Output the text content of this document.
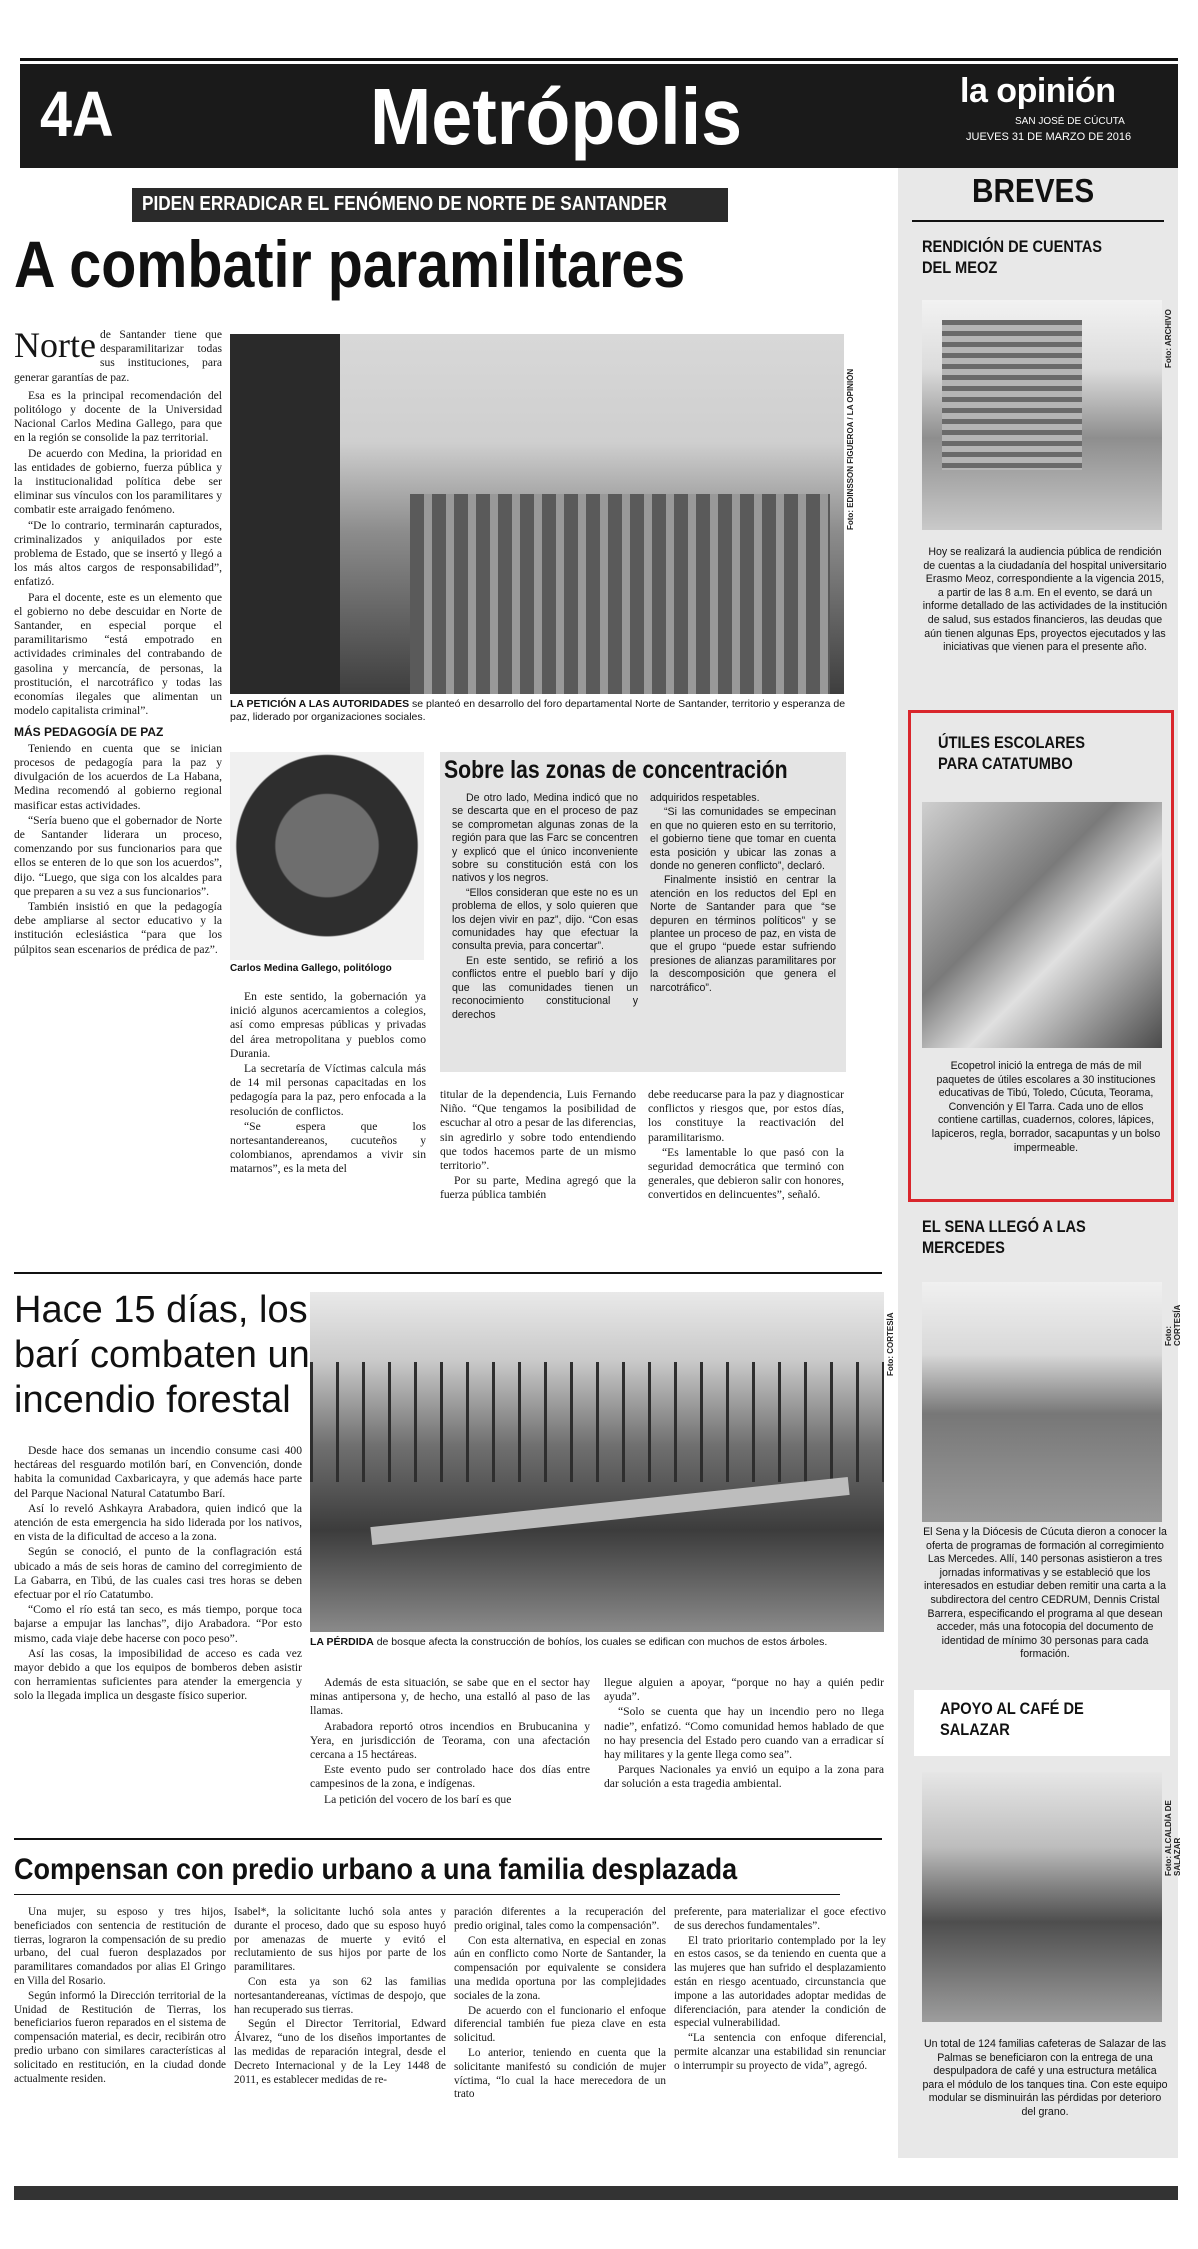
4A	Metrópolis	la opinión
SAN JOSÉ DE CÚCUTA
JUEVES 31 DE MARZO DE 2016
BREVES
PIDEN ERRADICAR EL FENÓMENO DE NORTE DE SANTANDER
A combatir paramilitares
Norte de Santander tiene que desparamilitarizar todas sus instituciones, para generar garantías de paz.

Esa es la principal recomendación del politólogo y docente de la Universidad Nacional Carlos Medina Gallego, para que en la región se consolide la paz territorial.

De acuerdo con Medina, la prioridad en las entidades de gobierno, fuerza pública y la institucionalidad política debe ser eliminar sus vínculos con los paramilitares y combatir este arraigado fenómeno.

“De lo contrario, terminarán capturados, criminalizados y aniquilados por este problema de Estado, que se insertó y llegó a los más altos cargos de responsabilidad”, enfatizó.

Para el docente, este es un elemento que el gobierno no debe descuidar en Norte de Santander, en especial porque el paramilitarismo “está empotrado en actividades criminales del contrabando de gasolina y mercancía, de personas, la prostitución, el narcotráfico y todas las economías ilegales que alimentan un modelo capitalista criminal”.

MÁS PEDAGOGÍA DE PAZ

Teniendo en cuenta que se inician procesos de pedagogía para la paz y divulgación de los acuerdos de La Habana, Medina recomendó al gobierno regional masificar estas actividades.

“Sería bueno que el gobernador de Norte de Santander liderara un proceso, comenzando por sus funcionarios para que ellos se enteren de lo que son los acuerdos”, dijo. “Luego, que siga con los alcaldes para que preparen a su vez a sus funcionarios”.

También insistió en que la pedagogía debe ampliarse al sector educativo y la institución eclesiástica “para que los púlpitos sean escenarios de prédica de paz”.

Foto: EDINSSON FIGUEROA / LA OPINIÓN
LA PETICIÓN A LAS AUTORIDADES se planteó en desarrollo del foro departamental Norte de Santander, territorio y esperanza de paz, liderado por organizaciones sociales.
Carlos Medina Gallego, politólogo
Sobre las zonas de concentración

De otro lado, Medina indicó que no se descarta que en el proceso de paz se comprometan algunas zonas de la región para que las Farc se concentren y explicó que el único inconveniente sobre su constitución está con los nativos y los negros.

“Ellos consideran que este no es un problema de ellos, y solo quieren que los dejen vivir en paz”, dijo. “Con esas comunidades hay que efectuar la consulta previa, para concertar”.

En este sentido, se refirió a los conflictos entre el pueblo barí y dijo que las comunidades tienen un reconocimiento constitucional y derechos

adquiridos respetables.

“Si las comunidades se empecinan en que no quieren esto en su territorio, el gobierno tiene que tomar en cuenta esta posición y ubicar las zonas a donde no generen conflicto”, declaró.

Finalmente insistió en centrar la atención en los reductos del Epl en Norte de Santander para que “se depuren en términos políticos” y se plantee un proceso de paz, en vista de que el grupo “puede estar sufriendo presiones de alianzas paramilitares por la descomposición que genera el narcotráfico”.

En este sentido, la gobernación ya inició algunos acercamientos a colegios, así como empresas públicas y privadas del área metropolitana y pueblos como Durania.

La secretaría de Víctimas calcula más de 14 mil personas capacitadas en los pedagogía para la paz, pero enfocada a la resolución de conflictos.

“Se espera que los nortesantandereanos, cucuteños y colombianos, aprendamos a vivir sin matarnos”, es la meta del

titular de la dependencia, Luis Fernando Niño. “Que tengamos la posibilidad de escuchar al otro a pesar de las diferencias, sin agredirlo y sobre todo entendiendo que todos hacemos parte de un mismo territorio”.

Por su parte, Medina agregó que la fuerza pública también

debe reeducarse para la paz y diagnosticar conflictos y riesgos que, por estos días, los constituye la reactivación del paramilitarismo.

“Es lamentable lo que pasó con la seguridad democrática que terminó con generales, que debieron salir con honores, convertidos en delincuentes”, señaló.

Hace 15 días, los barí combaten un incendio forestal
Foto: CORTESÍA
LA PÉRDIDA de bosque afecta la construcción de bohíos, los cuales se edifican con muchos de estos árboles.

Desde hace dos semanas un incendio consume casi 400 hectáreas del resguardo motilón barí, en Convención, donde habita la comunidad Caxbaricayra, y que además hace parte del Parque Nacional Natural Catatumbo Barí.

Así lo reveló Ashkayra Arabadora, quien indicó que la atención de esta emergencia ha sido liderada por los nativos, en vista de la dificultad de acceso a la zona.

Según se conoció, el punto de la conflagración está ubicado a más de seis horas de camino del corregimiento de La Gabarra, en Tibú, de las cuales casi tres horas se deben efectuar por el río Catatumbo.

“Como el río está tan seco, es más tiempo, porque toca bajarse a empujar las lanchas”, dijo Arabadora. “Por esto mismo, cada viaje debe hacerse con poco peso”.

Así las cosas, la imposibilidad de acceso es cada vez mayor debido a que los equipos de bomberos deben asistir con herramientas suficientes para atender la emergencia y solo la llegada implica un desgaste físico superior.

Además de esta situación, se sabe que en el sector hay minas antipersona y, de hecho, una estalló al paso de las llamas.

Arabadora reportó otros incendios en Brubucanina y Yera, en jurisdicción de Teorama, con una afectación cercana a 15 hectáreas.

Este evento pudo ser controlado hace dos días entre campesinos de la zona, e indígenas.

La petición del vocero de los barí es que

llegue alguien a apoyar, “porque no hay a quién pedir ayuda”.

“Solo se cuenta que hay un incendio pero no llega nadie”, enfatizó. “Como comunidad hemos hablado de que no hay presencia del Estado pero cuando van a erradicar sí hay militares y la gente llega como sea”.

Parques Nacionales ya envió un equipo a la zona para dar solución a esta tragedia ambiental.

Compensan con predio urbano a una familia desplazada

Una mujer, su esposo y tres hijos, beneficiados con sentencia de restitución de tierras, lograron la compensación de su predio urbano, del cual fueron desplazados por paramilitares comandados por alias El Gringo en Villa del Rosario.

Según informó la Dirección territorial de la Unidad de Restitución de Tierras, los beneficiarios fueron reparados en el sistema de compensación material, es decir, recibirán otro predio urbano con similares características al solicitado en restitución, en la ciudad donde actualmente residen.

Isabel*, la solicitante luchó sola antes y durante el proceso, dado que su esposo huyó por amenazas de muerte y evitó el reclutamiento de sus hijos por parte de los paramilitares.

Con esta ya son 62 las familias nortesantandereanas, víctimas de despojo, que han recuperado sus tierras.

Según el Director Territorial, Edward Álvarez, “uno de los diseños importantes de las medidas de reparación integral, desde el Decreto Internacional y de la Ley 1448 de 2011, es establecer medidas de re-

paración diferentes a la recuperación del predio original, tales como la compensación”.

Con esta alternativa, en especial en zonas aún en conflicto como Norte de Santander, la compensación por equivalente se considera una medida oportuna por las complejidades sociales de la zona.

De acuerdo con el funcionario el enfoque diferencial también fue pieza clave en esta solicitud.

Lo anterior, teniendo en cuenta que la solicitante manifestó su condición de mujer víctima, “lo cual la hace merecedora de un trato

preferente, para materializar el goce efectivo de sus derechos fundamentales”.

El trato prioritario contemplado por la ley en estos casos, se da teniendo en cuenta que a las mujeres que han sufrido el desplazamiento están en riesgo acentuado, circunstancia que impone a las autoridades adoptar medidas de diferenciación, para atender la condición de especial vulnerabilidad.

“La sentencia con enfoque diferencial, permite alcanzar una estabilidad sin renunciar o interrumpir su proyecto de vida”, agregó.

RENDICIÓN DE CUENTAS DEL MEOZ
Foto: ARCHIVO
Hoy se realizará la audiencia pública de rendición de cuentas a la ciudadanía del hospital universitario Erasmo Meoz, correspondiente a la vigencia 2015, a partir de las 8 a.m. En el evento, se dará un informe detallado de las actividades de la institución de salud, sus estados financieros, las deudas que aún tienen algunas Eps, proyectos ejecutados y las iniciativas que vienen para el presente año.
ÚTILES ESCOLARES PARA CATATUMBO
Ecopetrol inició la entrega de más de mil paquetes de útiles escolares a 30 instituciones educativas de Tibú, Toledo, Cúcuta, Teorama, Convención y El Tarra. Cada uno de ellos contiene cartillas, cuadernos, colores, lápices, lapiceros, regla, borrador, sacapuntas y un bolso impermeable.
EL SENA LLEGÓ A LAS MERCEDES
Foto: CORTESÍA
El Sena y la Diócesis de Cúcuta dieron a conocer la oferta de programas de formación al corregimiento Las Mercedes. Allí, 140 personas asistieron a tres jornadas informativas y se estableció que los interesados en estudiar deben remitir una carta a la subdirectora del centro CEDRUM, Dennis Cristal Barrera, especificando el programa al que desean acceder, más una fotocopia del documento de identidad de mínimo 30 personas para cada formación.
APOYO AL CAFÉ DE SALAZAR
Foto: ALCALDÍA DE SALAZAR
Un total de 124 familias cafeteras de Salazar de las Palmas se beneficiaron con la entrega de una despulpadora de café y una estructura metálica para el módulo de los tanques tina. Con este equipo modular se disminuirán las pérdidas por deterioro del grano.
